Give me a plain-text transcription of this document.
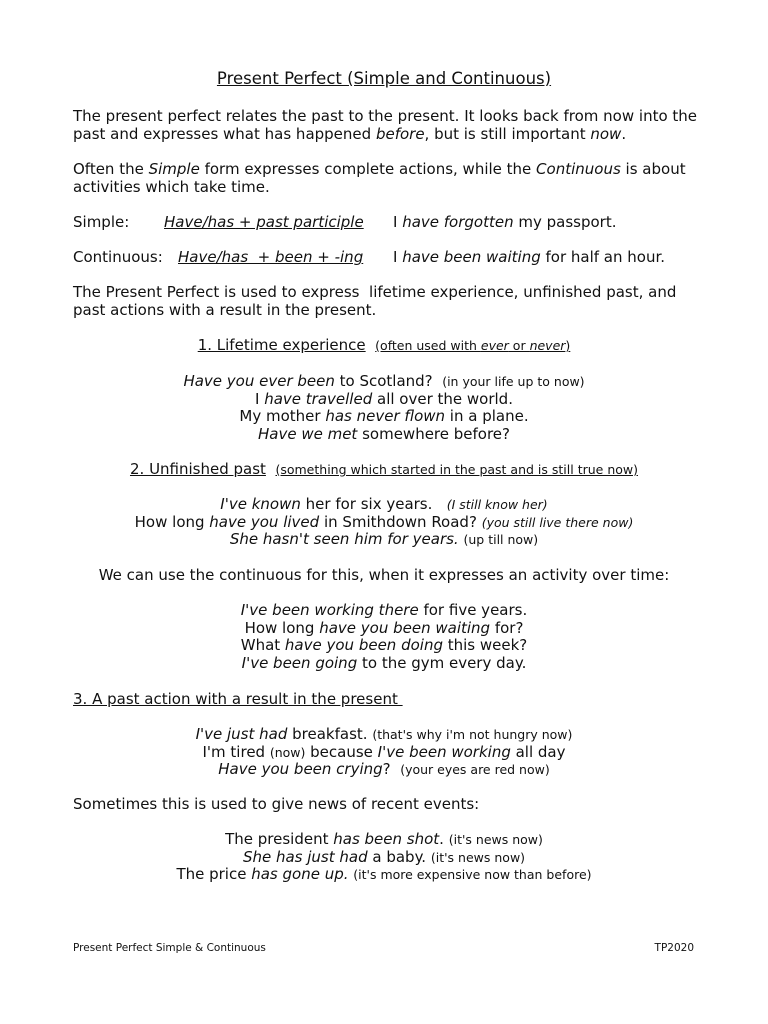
Present Perfect (Simple and Continuous)

The present perfect relates the past to the present. It looks back from now into the past and expresses what has happened before, but is still important now.

Often the Simple form expresses complete actions, while the Continuous is about activities which take time.

Simple: Have/has + past participle I have forgotten my passport.
Continuous: Have/has  + been + -ing I have been waiting for half an hour.

The Present Perfect is used to express  lifetime experience, unfinished past, and past actions with a result in the present.

1. Lifetime experience (often used with ever or never)
Have you ever been to Scotland? (in your life up to now)
I have travelled all over the world.
My mother has never flown in a plane.
Have we met somewhere before?
2. Unfinished past (something which started in the past and is still true now)
I've known her for six years. (I still know her)
How long have you lived in Smithdown Road? (you still live there now)
She hasn't seen him for years. (up till now)
We can use the continuous for this, when it expresses an activity over time:
I've been working there for five years.
How long have you been waiting for?
What have you been doing this week?
I've been going to the gym every day.
3. A past action with a result in the present
I've just had breakfast. (that's why i'm not hungry now)
I'm tired (now) because I've been working all day
Have you been crying? (your eyes are red now)
Sometimes this is used to give news of recent events:
The president has been shot. (it's news now)
She has just had a baby. (it's news now)
The price has gone up. (it's more expensive now than before)
Present Perfect Simple & Continuous	TP2020
